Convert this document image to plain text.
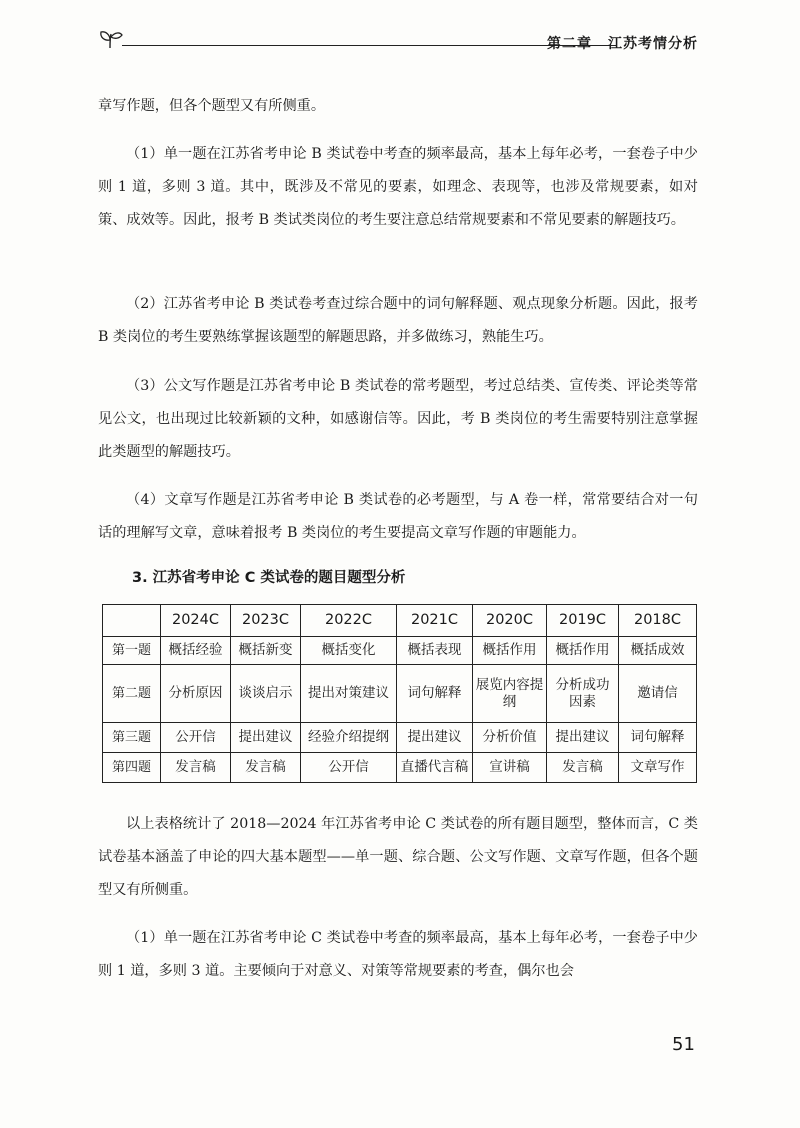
第二章 江苏考情分析
章写作题，但各个题型又有所侧重。
（1）单一题在江苏省考申论 B 类试卷中考查的频率最高，基本上每年必考，一套卷子中少则 1 道，多则 3 道。其中，既涉及不常见的要素，如理念、表现等，也涉及常规要素，如对策、成效等。因此，报考 B 类试类岗位的考生要注意总结常规要素和不常见要素的解题技巧。
（2）江苏省考申论 B 类试卷考查过综合题中的词句解释题、观点现象分析题。因此，报考 B 类岗位的考生要熟练掌握该题型的解题思路，并多做练习，熟能生巧。
（3）公文写作题是江苏省考申论 B 类试卷的常考题型，考过总结类、宣传类、评论类等常见公文，也出现过比较新颖的文种，如感谢信等。因此，考 B 类岗位的考生需要特别注意掌握此类题型的解题技巧。
（4）文章写作题是江苏省考申论 B 类试卷的必考题型，与 A 卷一样，常常要结合对一句话的理解写文章，意味着报考 B 类岗位的考生要提高文章写作题的审题能力。
3. 江苏省考申论 C 类试卷的题目题型分析
	2024C	2023C	2022C	2021C	2020C	2019C	2018C
第一题	概括经验	概括新变	概括变化	概括表现	概括作用	概括作用	概括成效
第二题	分析原因	谈谈启示	提出对策建议	词句解释	展览内容提纲	分析成功因素	邀请信
第三题	公开信	提出建议	经验介绍提纲	提出建议	分析价值	提出建议	词句解释
第四题	发言稿	发言稿	公开信	直播代言稿	宣讲稿	发言稿	文章写作
以上表格统计了 2018—2024 年江苏省考申论 C 类试卷的所有题目题型，整体而言，C 类试卷基本涵盖了申论的四大基本题型——单一题、综合题、公文写作题、文章写作题，但各个题型又有所侧重。
（1）单一题在江苏省考申论 C 类试卷中考查的频率最高，基本上每年必考，一套卷子中少则 1 道，多则 3 道。主要倾向于对意义、对策等常规要素的考查，偶尔也会
51
